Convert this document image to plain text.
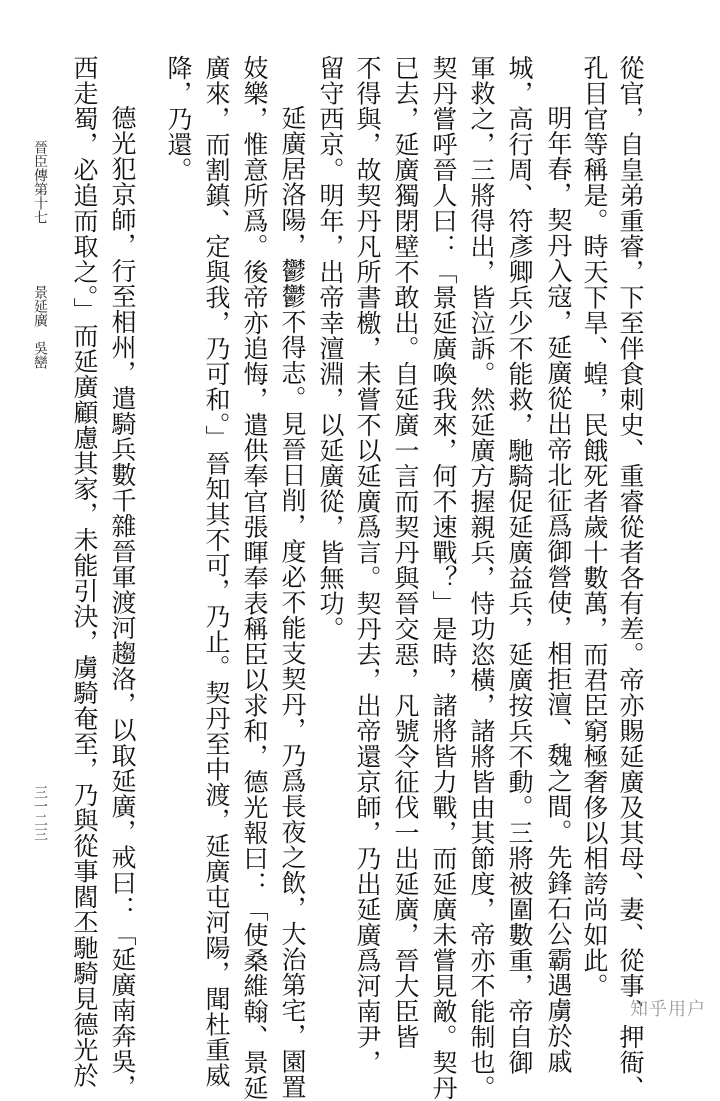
從官，自皇弟重睿，下至伴食刺史、重睿從者各有差。帝亦賜延廣及其母、妻、從事、押衙、
孔目官等稱是。時天下旱、蝗，民餓死者歲十數萬，而君臣窮極奢侈以相誇尚如此。
明年春，契丹入寇，延廣從出帝北征爲御營使，相拒澶、魏之間。先鋒石公霸遇虜於戚
城，高行周、符彥卿兵少不能救，馳騎促延廣益兵，延廣按兵不動。三將被圍數重，帝自御
軍救之，三將得出，皆泣訴。然延廣方握親兵，恃功恣橫，諸將皆由其節度，帝亦不能制也。
契丹嘗呼晉人曰：「景延廣喚我來，何不速戰？」是時，諸將皆力戰，而延廣未嘗見敵。契丹
已去，延廣獨閉壁不敢出。自延廣一言而契丹與晉交惡，凡號令征伐一出延廣，晉大臣皆
不得與，故契丹凡所書檄，未嘗不以延廣爲言。契丹去，出帝還京師，乃出延廣爲河南尹，
留守西京。明年，出帝幸澶淵，以延廣從，皆無功。
延廣居洛陽，鬱鬱不得志。見晉日削，度必不能支契丹，乃爲長夜之飲，大治第宅，園置
妓樂，惟意所爲。後帝亦追悔，遣供奉官張暉奉表稱臣以求和，德光報曰：「使桑維翰、景延
廣來，而割鎮、定與我，乃可和。」晉知其不可，乃止。契丹至中渡，延廣屯河陽，聞杜重威
降，乃還。
德光犯京師，行至相州，遣騎兵數千雜晉軍渡河趨洛，以取延廣，戒曰：「延廣南奔吳，
西走蜀，必追而取之。」而延廣顧慮其家，未能引決，虜騎奄至，乃與從事閻丕馳騎見德光於
晉臣傳第十七
景延廣　吳巒
三一二三
知乎用户
